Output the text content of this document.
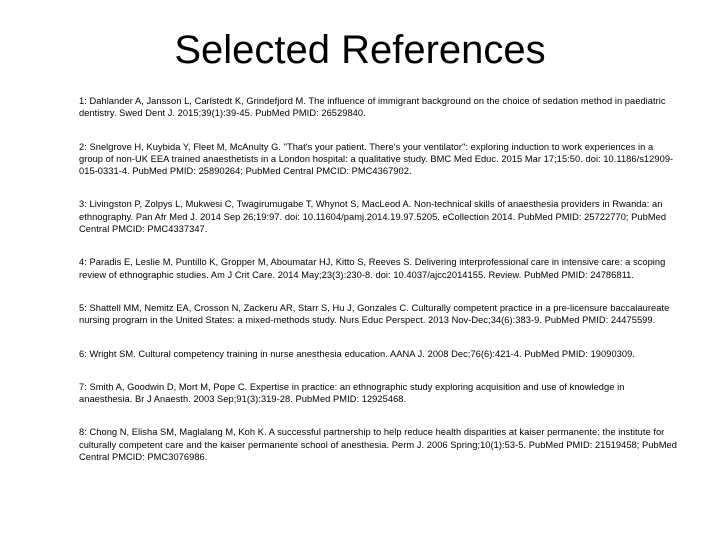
Selected References
1: Dahlander A, Jansson L, Carlstedt K, Grindefjord M. The influence of immigrant background on the choice of sedation method in paediatric dentistry. Swed Dent J. 2015;39(1):39-45. PubMed PMID: 26529840.
2: Snelgrove H, Kuybida Y, Fleet M, McAnulty G. "That's your patient. There's your ventilator": exploring induction to work experiences in a group of non-UK EEA trained anaesthetists in a London hospital: a qualitative study. BMC Med Educ. 2015 Mar 17;15:50. doi: 10.1186/s12909-015-0331-4. PubMed PMID: 25890264; PubMed Central PMCID: PMC4367902.
3: Livingston P, Zolpys L, Mukwesi C, Twagirumugabe T, Whynot S, MacLeod A. Non-technical skills of anaesthesia providers in Rwanda: an ethnography. Pan Afr Med J. 2014 Sep 26;19:97. doi: 10.11604/pamj.2014.19.97.5205. eCollection 2014. PubMed PMID: 25722770; PubMed Central PMCID: PMC4337347.
4: Paradis E, Leslie M, Puntillo K, Gropper M, Aboumatar HJ, Kitto S, Reeves S. Delivering interprofessional care in intensive care: a scoping review of ethnographic studies. Am J Crit Care. 2014 May;23(3):230-8. doi: 10.4037/ajcc2014155. Review. PubMed PMID: 24786811.
5: Shattell MM, Nemitz EA, Crosson N, Zackeru AR, Starr S, Hu J, Gonzales C. Culturally competent practice in a pre-licensure baccalaureate nursing program in the United States: a mixed-methods study. Nurs Educ Perspect. 2013 Nov-Dec;34(6):383-9. PubMed PMID: 24475599.
6: Wright SM. Cultural competency training in nurse anesthesia education. AANA J. 2008 Dec;76(6):421-4. PubMed PMID: 19090309.
7: Smith A, Goodwin D, Mort M, Pope C. Expertise in practice: an ethnographic study exploring acquisition and use of knowledge in anaesthesia. Br J Anaesth. 2003 Sep;91(3):319-28. PubMed PMID: 12925468.
8: Chong N, Elisha SM, Maglalang M, Koh K. A successful partnership to help reduce health disparities at kaiser permanente: the institute for culturally competent care and the kaiser permanente school of anesthesia. Perm J. 2006 Spring;10(1):53-5. PubMed PMID: 21519458; PubMed Central PMCID: PMC3076986.
